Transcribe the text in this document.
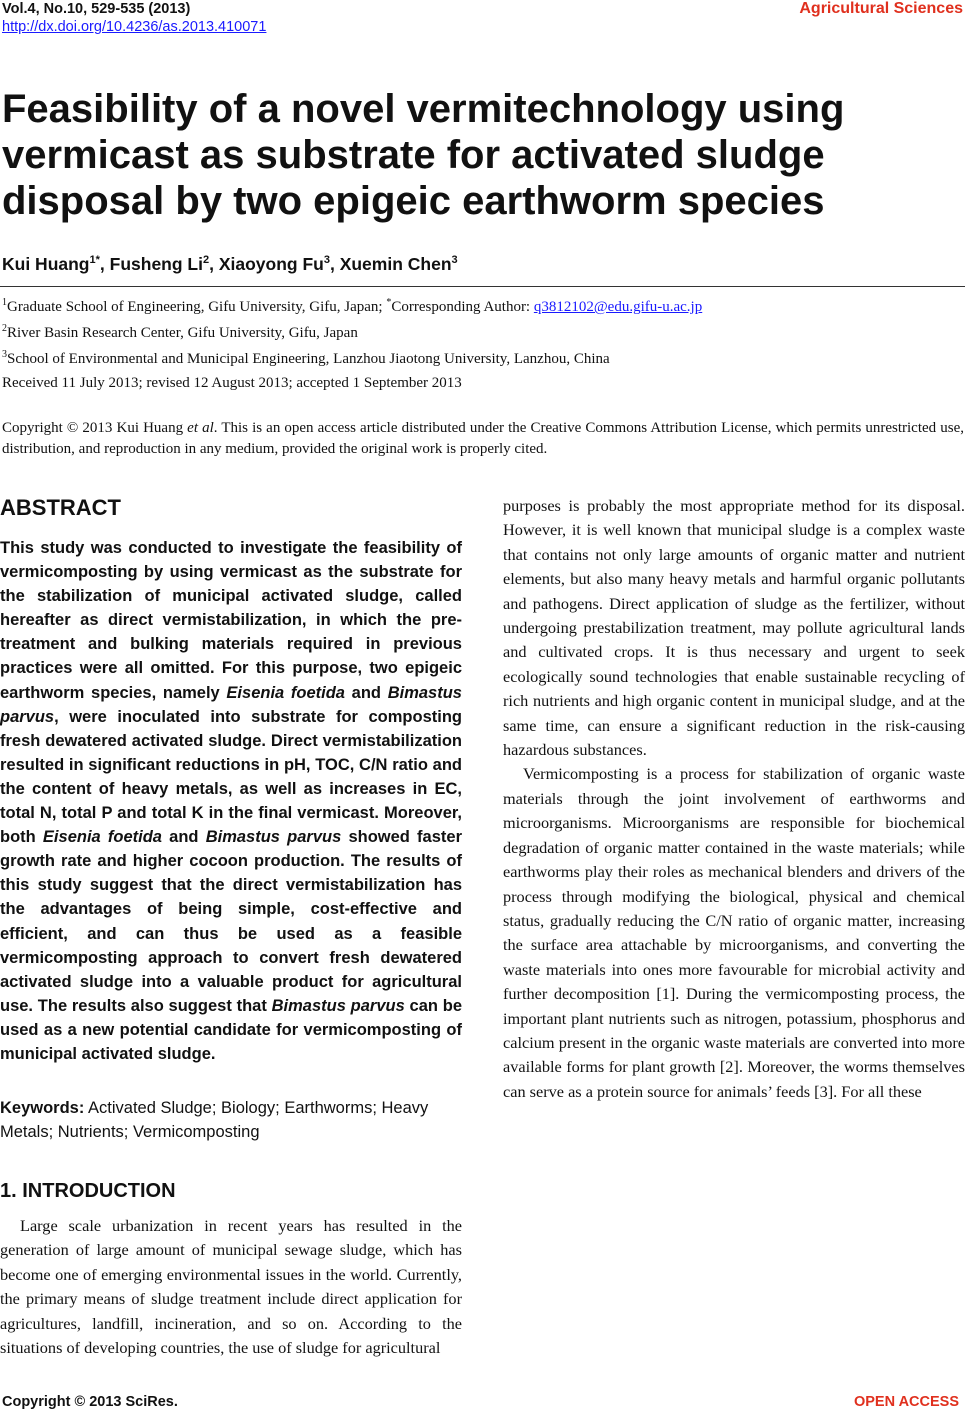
Vol.4, No.10, 529-535 (2013)
http://dx.doi.org/10.4236/as.2013.410071
Agricultural Sciences
Feasibility of a novel vermitechnology using vermicast as substrate for activated sludge disposal by two epigeic earthworm species
Kui Huang$^{1*}$, Fusheng Li$^2$, Xiaoyong Fu$^3$, Xuemin Chen$^3$
$^1$Graduate School of Engineering, Gifu University, Gifu, Japan; *Corresponding Author: q3812102@edu.gifu-u.ac.jp
$^2$River Basin Research Center, Gifu University, Gifu, Japan
$^3$School of Environmental and Municipal Engineering, Lanzhou Jiaotong University, Lanzhou, China
Received 11 July 2013; revised 12 August 2013; accepted 1 September 2013
Copyright © 2013 Kui Huang et al. This is an open access article distributed under the Creative Commons Attribution License, which permits unrestricted use, distribution, and reproduction in any medium, provided the original work is properly cited.
ABSTRACT

This study was conducted to investigate the feasibility of vermicomposting by using vermicast as the substrate for the stabilization of municipal activated sludge, called hereafter as direct vermistabilization, in which the pre-treatment and bulking materials required in previous practices were all omitted. For this purpose, two epigeic earthworm species, namely Eisenia foetida and Bimastus parvus, were inoculated into substrate for composting fresh dewatered activated sludge. Direct vermistabilization resulted in significant reductions in pH, TOC, C/N ratio and the content of heavy metals, as well as increases in EC, total N, total P and total K in the final vermicast. Moreover, both Eisenia foetida and Bimastus parvus showed faster growth rate and higher cocoon production. The results of this study suggest that the direct vermistabilization has the advantages of being simple, cost-effective and efficient, and can thus be used as a feasible vermicomposting approach to convert fresh dewatered activated sludge into a valuable product for agricultural use. The results also suggest that Bimastus parvus can be used as a new potential candidate for vermicomposting of municipal activated sludge.

Keywords: Activated Sludge; Biology; Earthworms; Heavy Metals; Nutrients; Vermicomposting

1. INTRODUCTION

Large scale urbanization in recent years has resulted in the generation of large amount of municipal sewage sludge, which has become one of emerging environmental issues in the world. Currently, the primary means of sludge treatment include direct application for agricultures, landfill, incineration, and so on. According to the situations of developing countries, the use of sludge for agricultural

purposes is probably the most appropriate method for its disposal. However, it is well known that municipal sludge is a complex waste that contains not only large amounts of organic matter and nutrient elements, but also many heavy metals and harmful organic pollutants and pathogens. Direct application of sludge as the fertilizer, without undergoing prestabilization treatment, may pollute agricultural lands and cultivated crops. It is thus necessary and urgent to seek ecologically sound technologies that enable sustainable recycling of rich nutrients and high organic content in municipal sludge, and at the same time, can ensure a significant reduction in the risk-causing hazardous substances.

Vermicomposting is a process for stabilization of organic waste materials through the joint involvement of earthworms and microorganisms. Microorganisms are responsible for biochemical degradation of organic matter contained in the waste materials; while earthworms play their roles as mechanical blenders and drivers of the process through modifying the biological, physical and chemical status, gradually reducing the C/N ratio of organic matter, increasing the surface area attachable by microorganisms, and converting the waste materials into ones more favourable for microbial activity and further decomposition [1]. During the vermicomposting process, the important plant nutrients such as nitrogen, potassium, phosphorus and calcium present in the organic waste materials are converted into more available forms for plant growth [2]. Moreover, the worms themselves can serve as a protein source for animals’ feeds [3]. For all these

Copyright © 2013 SciRes.	OPEN ACCESS
